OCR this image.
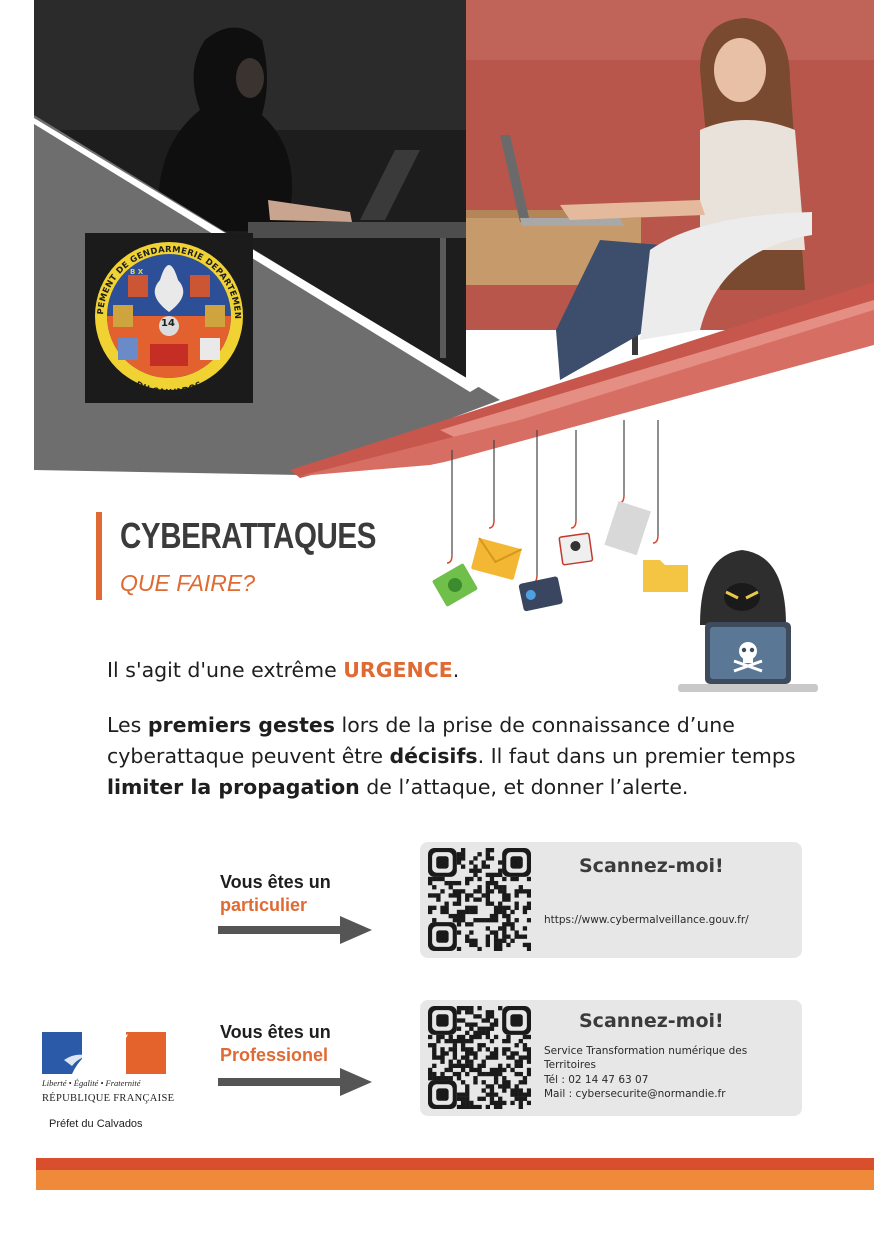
14
B X
PEMENT DE GENDARMERIE DEPARTEMEN
DU CALVADOS
CYBERATTAQUES
QUE FAIRE?

Il s'agit d'une extrême URGENCE.

Les premiers gestes lors de la prise de connaissance d’une cyberattaque peuvent être décisifs. Il faut dans un premier temps limiter la propagation de l’attaque, et donner l’alerte.

Vous êtes un
particulier
Scannez-moi!
https://www.cybermalveillance.gouv.fr/
Vous êtes un
Professionel
Scannez-moi!
Service Transformation numérique des Territoires
Tél : 02 14 47 63 07
Mail : cybersecurite@normandie.fr
Liberté • Égalité • Fraternité
RÉPUBLIQUE FRANÇAISE
Préfet du Calvados
